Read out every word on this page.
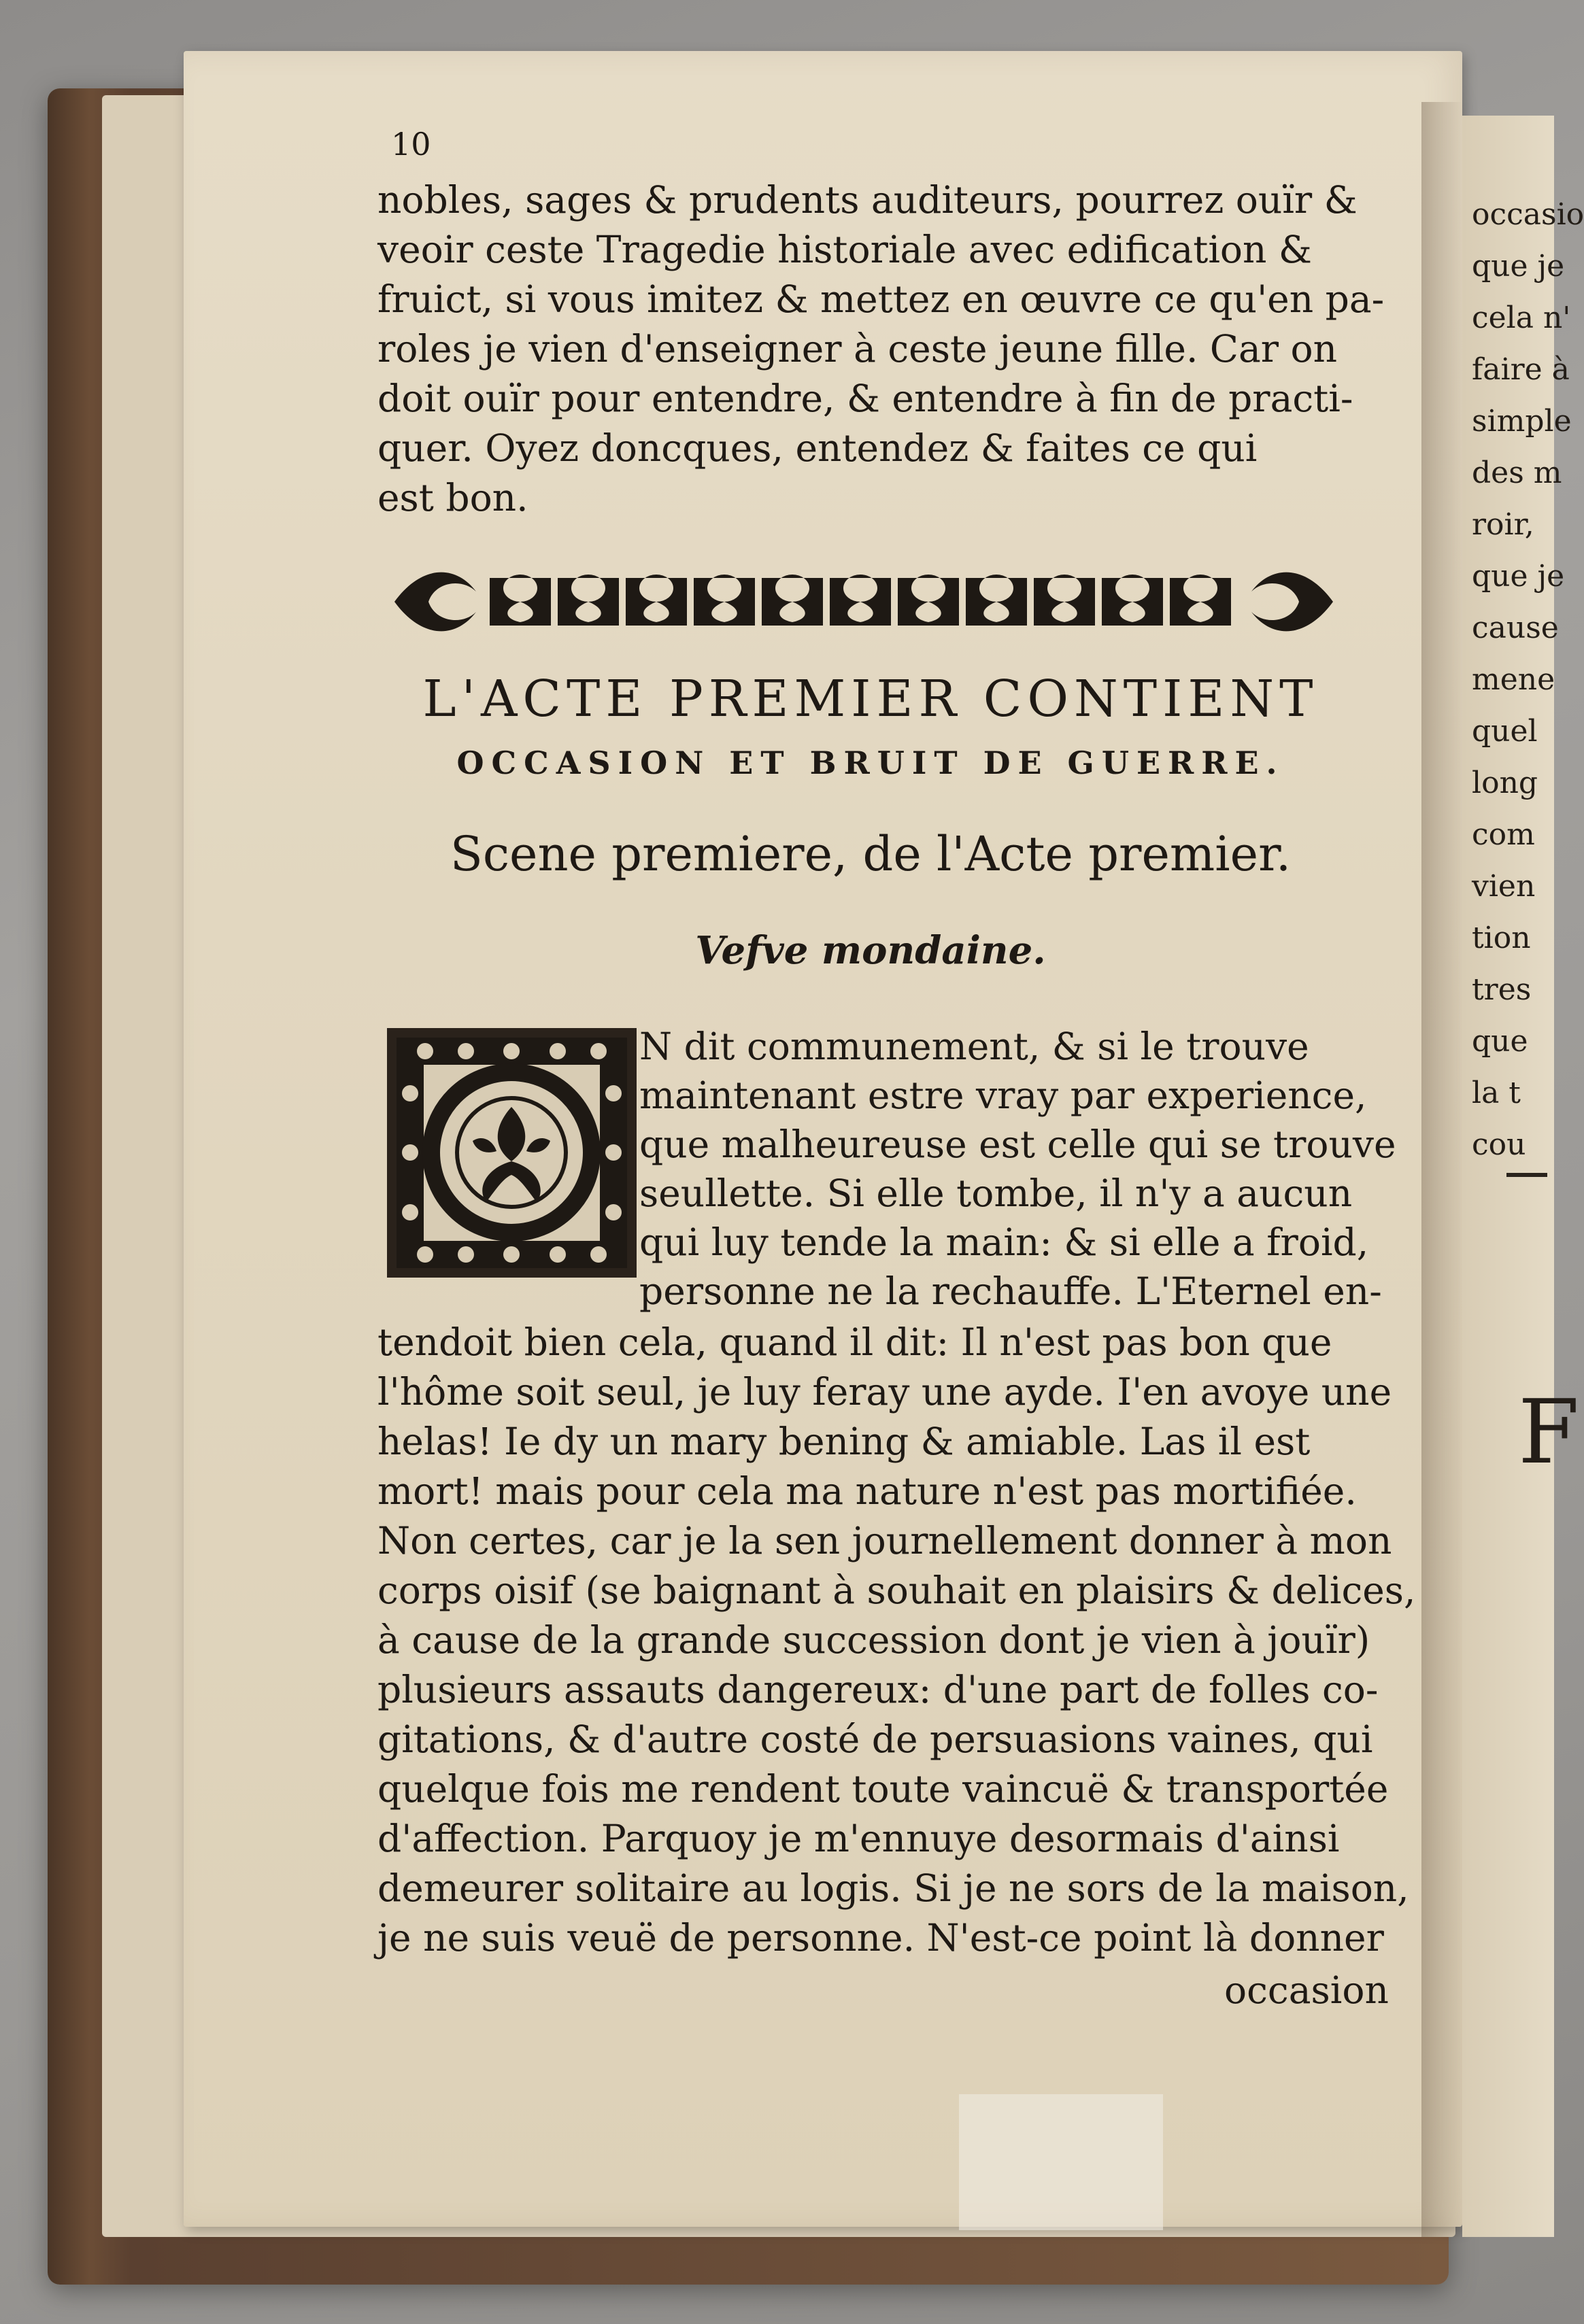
occasio
que je
cela n'
faire à
simple
des m
roir,
que je
cause
mene
quel
long
com
vien
tion
tres
que
la t
cou
F
10
nobles, sages & prudents auditeurs, pourrez ouïr &
veoir ceste Tragedie historiale avec edification &
fruict, si vous imitez & mettez en œuvre ce qu'en pa-
roles je vien d'enseigner à ceste jeune fille. Car on
doit ouïr pour entendre, & entendre à fin de practi-
quer. Oyez doncques, entendez & faites ce qui
est bon.
L'ACTE PREMIER CONTIENT
OCCASION ET BRUIT DE GUERRE.
Scene premiere, de l'Acte premier.
Vefve mondaine.
N dit communement, & si le trouve
maintenant estre vray par experience,
que malheureuse est celle qui se trouve
seullette. Si elle tombe, il n'y a aucun
qui luy tende la main: & si elle a froid,
personne ne la rechauffe. L'Eternel en-
tendoit bien cela, quand il dit: Il n'est pas bon que
l'hôme soit seul, je luy feray une ayde. I'en avoye une
helas! Ie dy un mary bening & amiable. Las il est
mort! mais pour cela ma nature n'est pas mortifiée.
Non certes, car je la sen journellement donner à mon
corps oisif (se baignant à souhait en plaisirs & delices,
à cause de la grande succession dont je vien à jouïr)
plusieurs assauts dangereux: d'une part de folles co-
gitations, & d'autre costé de persuasions vaines, qui
quelque fois me rendent toute vaincuë & transportée
d'affection. Parquoy je m'ennuye desormais d'ainsi
demeurer solitaire au logis. Si je ne sors de la maison,
je ne suis veuë de personne. N'est-ce point là donner
occasion
